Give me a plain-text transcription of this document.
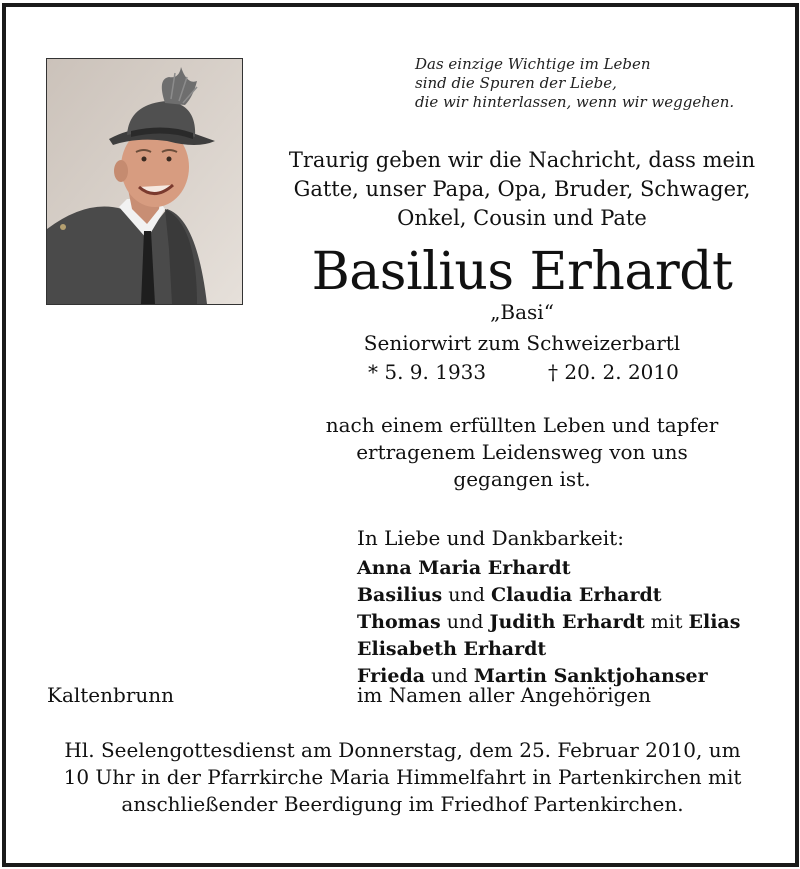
Das einzige Wichtige im Leben
sind die Spuren der Liebe,
die wir hinterlassen, wenn wir weggehen.
Traurig geben wir die Nachricht, dass mein
Gatte, unser Papa, Opa, Bruder, Schwager,
Onkel, Cousin und Pate
Basilius Erhardt
„Basi“
Seniorwirt zum Schweizerbartl
* 5. 9. 1933	† 20. 2. 2010
nach einem erfüllten Leben und tapfer
ertragenem Leidensweg von uns
gegangen ist.
In Liebe und Dankbarkeit:
Anna Maria Erhardt
Basilius und Claudia Erhardt
Thomas und Judith Erhardt mit Elias
Elisabeth Erhardt
Frieda und Martin Sanktjohanser
Kaltenbrunn	im Namen aller Angehörigen
Hl. Seelengottesdienst am Donnerstag, dem 25. Februar 2010, um
10 Uhr in der Pfarrkirche Maria Himmelfahrt in Partenkirchen mit
anschließender Beerdigung im Friedhof Partenkirchen.
